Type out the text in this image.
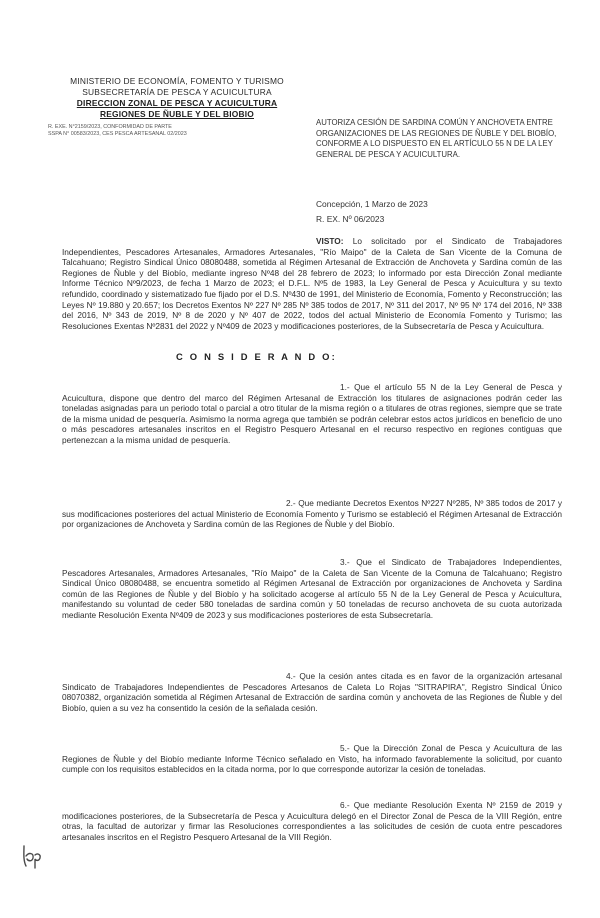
MINISTERIO DE ECONOMÍA, FOMENTO Y TURISMO
SUBSECRETARÍA DE PESCA Y ACUICULTURA
DIRECCION ZONAL DE PESCA Y ACUICULTURA
REGIONES DE ÑUBLE Y DEL BIOBIO
R. EXE. N°2159/2023, CONFORMIDAD DE PARTE
SSPA N° 00583/2023, CES PESCA ARTESANAL 02/2023
AUTORIZA CESIÓN DE SARDINA COMÚN Y ANCHOVETA ENTRE ORGANIZACIONES DE LAS REGIONES DE ÑUBLE Y DEL BIOBÍO, CONFORME A LO DISPUESTO EN EL ARTÍCULO 55 N DE LA LEY GENERAL DE PESCA Y ACUICULTURA.
Concepción, 1 Marzo de 2023
R. EX. Nº 06/2023
VISTO: Lo solicitado por el Sindicato de Trabajadores Independientes, Pescadores Artesanales, Armadores Artesanales, "Río Maipo" de la Caleta de San Vicente de la Comuna de Talcahuano; Registro Sindical Único 08080488, sometida al Régimen Artesanal de Extracción de Anchoveta y Sardina común de las Regiones de Ñuble y del Biobío, mediante ingreso Nº48 del 28 febrero de 2023; lo informado por esta Dirección Zonal mediante Informe Técnico Nº9/2023, de fecha 1 Marzo de 2023; el D.F.L. Nº5 de 1983, la Ley General de Pesca y Acuicultura y su texto refundido, coordinado y sistematizado fue fijado por el D.S. Nº430 de 1991, del Ministerio de Economía, Fomento y Reconstrucción; las Leyes Nº 19.880 y 20.657; los Decretos Exentos Nº 227 Nº 285 Nº 385 todos de 2017, Nº 311 del 2017, Nº 95 Nº 174 del 2016, Nº 338 del 2016, Nº 343 de 2019, Nº 8 de 2020 y Nº 407 de 2022, todos del actual Ministerio de Economía Fomento y Turismo; las Resoluciones Exentas Nº2831 del 2022 y Nº409 de 2023 y modificaciones posteriores, de la Subsecretaría de Pesca y Acuicultura.
C O N S I D E R A N D O:
1.- Que el artículo 55 N de la Ley General de Pesca y Acuicultura, dispone que dentro del marco del Régimen Artesanal de Extracción los titulares de asignaciones podrán ceder las toneladas asignadas para un periodo total o parcial a otro titular de la misma región o a titulares de otras regiones, siempre que se trate de la misma unidad de pesquería. Asimismo la norma agrega que también se podrán celebrar estos actos jurídicos en beneficio de uno o más pescadores artesanales inscritos en el Registro Pesquero Artesanal en el recurso respectivo en regiones contiguas que pertenezcan a la misma unidad de pesquería.
2.- Que mediante Decretos Exentos Nº227 Nº285, Nº 385 todos de 2017 y sus modificaciones posteriores del actual Ministerio de Economía Fomento y Turismo se estableció el Régimen Artesanal de Extracción por organizaciones de Anchoveta y Sardina común de las Regiones de Ñuble y del Biobío.
3.- Que el Sindicato de Trabajadores Independientes, Pescadores Artesanales, Armadores Artesanales, "Río Maipo" de la Caleta de San Vicente de la Comuna de Talcahuano; Registro Sindical Único 08080488, se encuentra sometido al Régimen Artesanal de Extracción por organizaciones de Anchoveta y Sardina común de las Regiones de Ñuble y del Biobío y ha solicitado acogerse al artículo 55 N de la Ley General de Pesca y Acuicultura, manifestando su voluntad de ceder 580 toneladas de sardina común y 50 toneladas de recurso anchoveta de su cuota autorizada mediante Resolución Exenta Nº409 de 2023 y sus modificaciones posteriores de esta Subsecretaría.
4.- Que la cesión antes citada es en favor de la organización artesanal Sindicato de Trabajadores Independientes de Pescadores Artesanos de Caleta Lo Rojas "SITRAPIRA", Registro Sindical Único 08070382, organización sometida al Régimen Artesanal de Extracción de sardina común y anchoveta de las Regiones de Ñuble y del Biobío, quien a su vez ha consentido la cesión de la señalada cesión.
5.- Que la Dirección Zonal de Pesca y Acuicultura de las Regiones de Ñuble y del Biobío mediante Informe Técnico señalado en Visto, ha informado favorablemente la solicitud, por cuanto cumple con los requisitos establecidos en la citada norma, por lo que corresponde autorizar la cesión de toneladas.
6.- Que mediante Resolución Exenta Nº 2159 de 2019 y modificaciones posteriores, de la Subsecretaría de Pesca y Acuicultura delegó en el Director Zonal de Pesca de la VIII Región, entre otras, la facultad de autorizar y firmar las Resoluciones correspondientes a las solicitudes de cesión de cuota entre pescadores artesanales inscritos en el Registro Pesquero Artesanal de la VIII Región.
